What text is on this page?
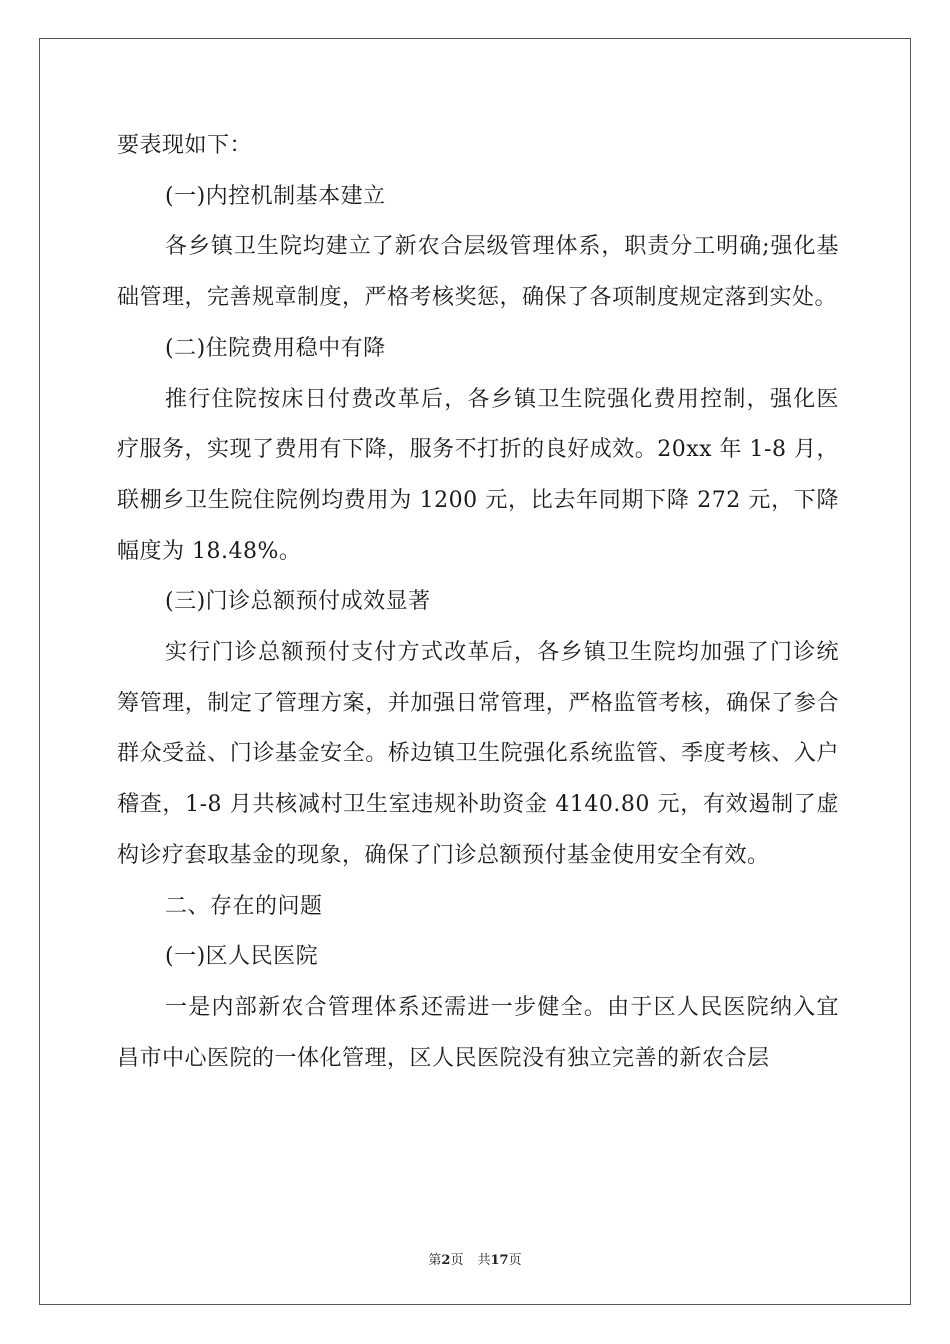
要表现如下：

(一)内控机制基本建立

各乡镇卫生院均建立了新农合层级管理体系，职责分工明确;强化基础管理，完善规章制度，严格考核奖惩，确保了各项制度规定落到实处。

(二)住院费用稳中有降

推行住院按床日付费改革后，各乡镇卫生院强化费用控制，强化医疗服务，实现了费用有下降，服务不打折的良好成效。20xx 年 1-8 月，联棚乡卫生院住院例均费用为 1200 元，比去年同期下降 272 元，下降幅度为 18.48%。

(三)门诊总额预付成效显著

实行门诊总额预付支付方式改革后，各乡镇卫生院均加强了门诊统筹管理，制定了管理方案，并加强日常管理，严格监管考核，确保了参合群众受益、门诊基金安全。桥边镇卫生院强化系统监管、季度考核、入户稽查，1-8 月共核减村卫生室违规补助资金 4140.80 元，有效遏制了虚构诊疗套取基金的现象，确保了门诊总额预付基金使用安全有效。

二、存在的问题

(一)区人民医院

一是内部新农合管理体系还需进一步健全。由于区人民医院纳入宜昌市中心医院的一体化管理，区人民医院没有独立完善的新农合层

第2页 共17页
